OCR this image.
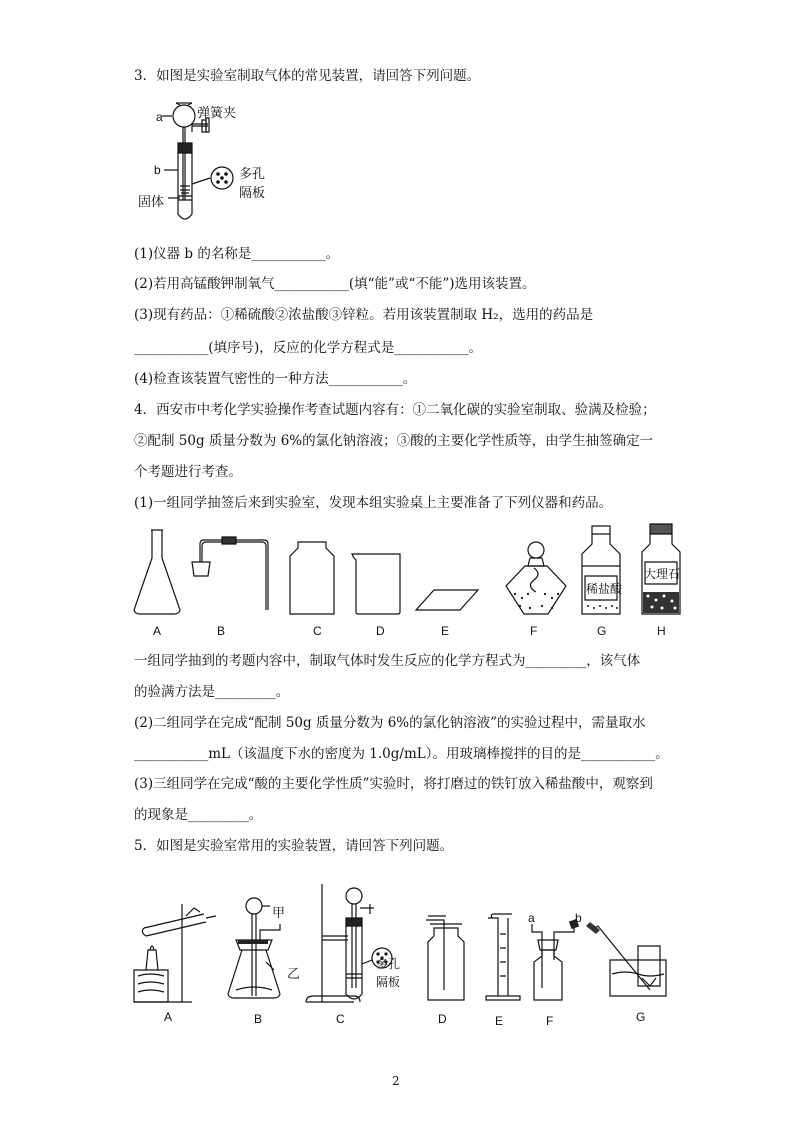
3．如图是实验室制取气体的常见装置，请回答下列问题。
a	弹簧夹
b	多孔
隔板
固体
(1)仪器 b 的名称是___________。
(2)若用高锰酸钾制氧气___________(填“能”或“不能”)选用该装置。
(3)现有药品：①稀硫酸②浓盐酸③锌粒。若用该装置制取 H₂，选用的药品是
___________(填序号)，反应的化学方程式是___________。
(4)检查该装置气密性的一种方法___________。
4．西安市中考化学实验操作考查试题内容有：①二氧化碳的实验室制取、验满及检验；
②配制 50g 质量分数为 6%的氯化钠溶液；③酸的主要化学性质等，由学生抽签确定一
个考题进行考查。
(1)一组同学抽签后来到实验室，发现本组实验桌上主要准备了下列仪器和药品。
稀盐酸
大理石
A	B	C	D	E	F	G	H
一组同学抽到的考题内容中，制取气体时发生反应的化学方程式为_________，该气体
的验满方法是_________。
(2)二组同学在完成“配制 50g 质量分数为 6%的氯化钠溶液”的实验过程中，需量取水
___________mL（该温度下水的密度为 1.0g/mL）。用玻璃棒搅拌的目的是___________。
(3)三组同学在完成“酸的主要化学性质”实验时，将打磨过的铁钉放入稀盐酸中，观察到
的现象是_________。
5．如图是实验室常用的实验装置，请回答下列问题。
甲
乙
多孔
隔板
a	b
A	B	C	D	E	F	G
2
